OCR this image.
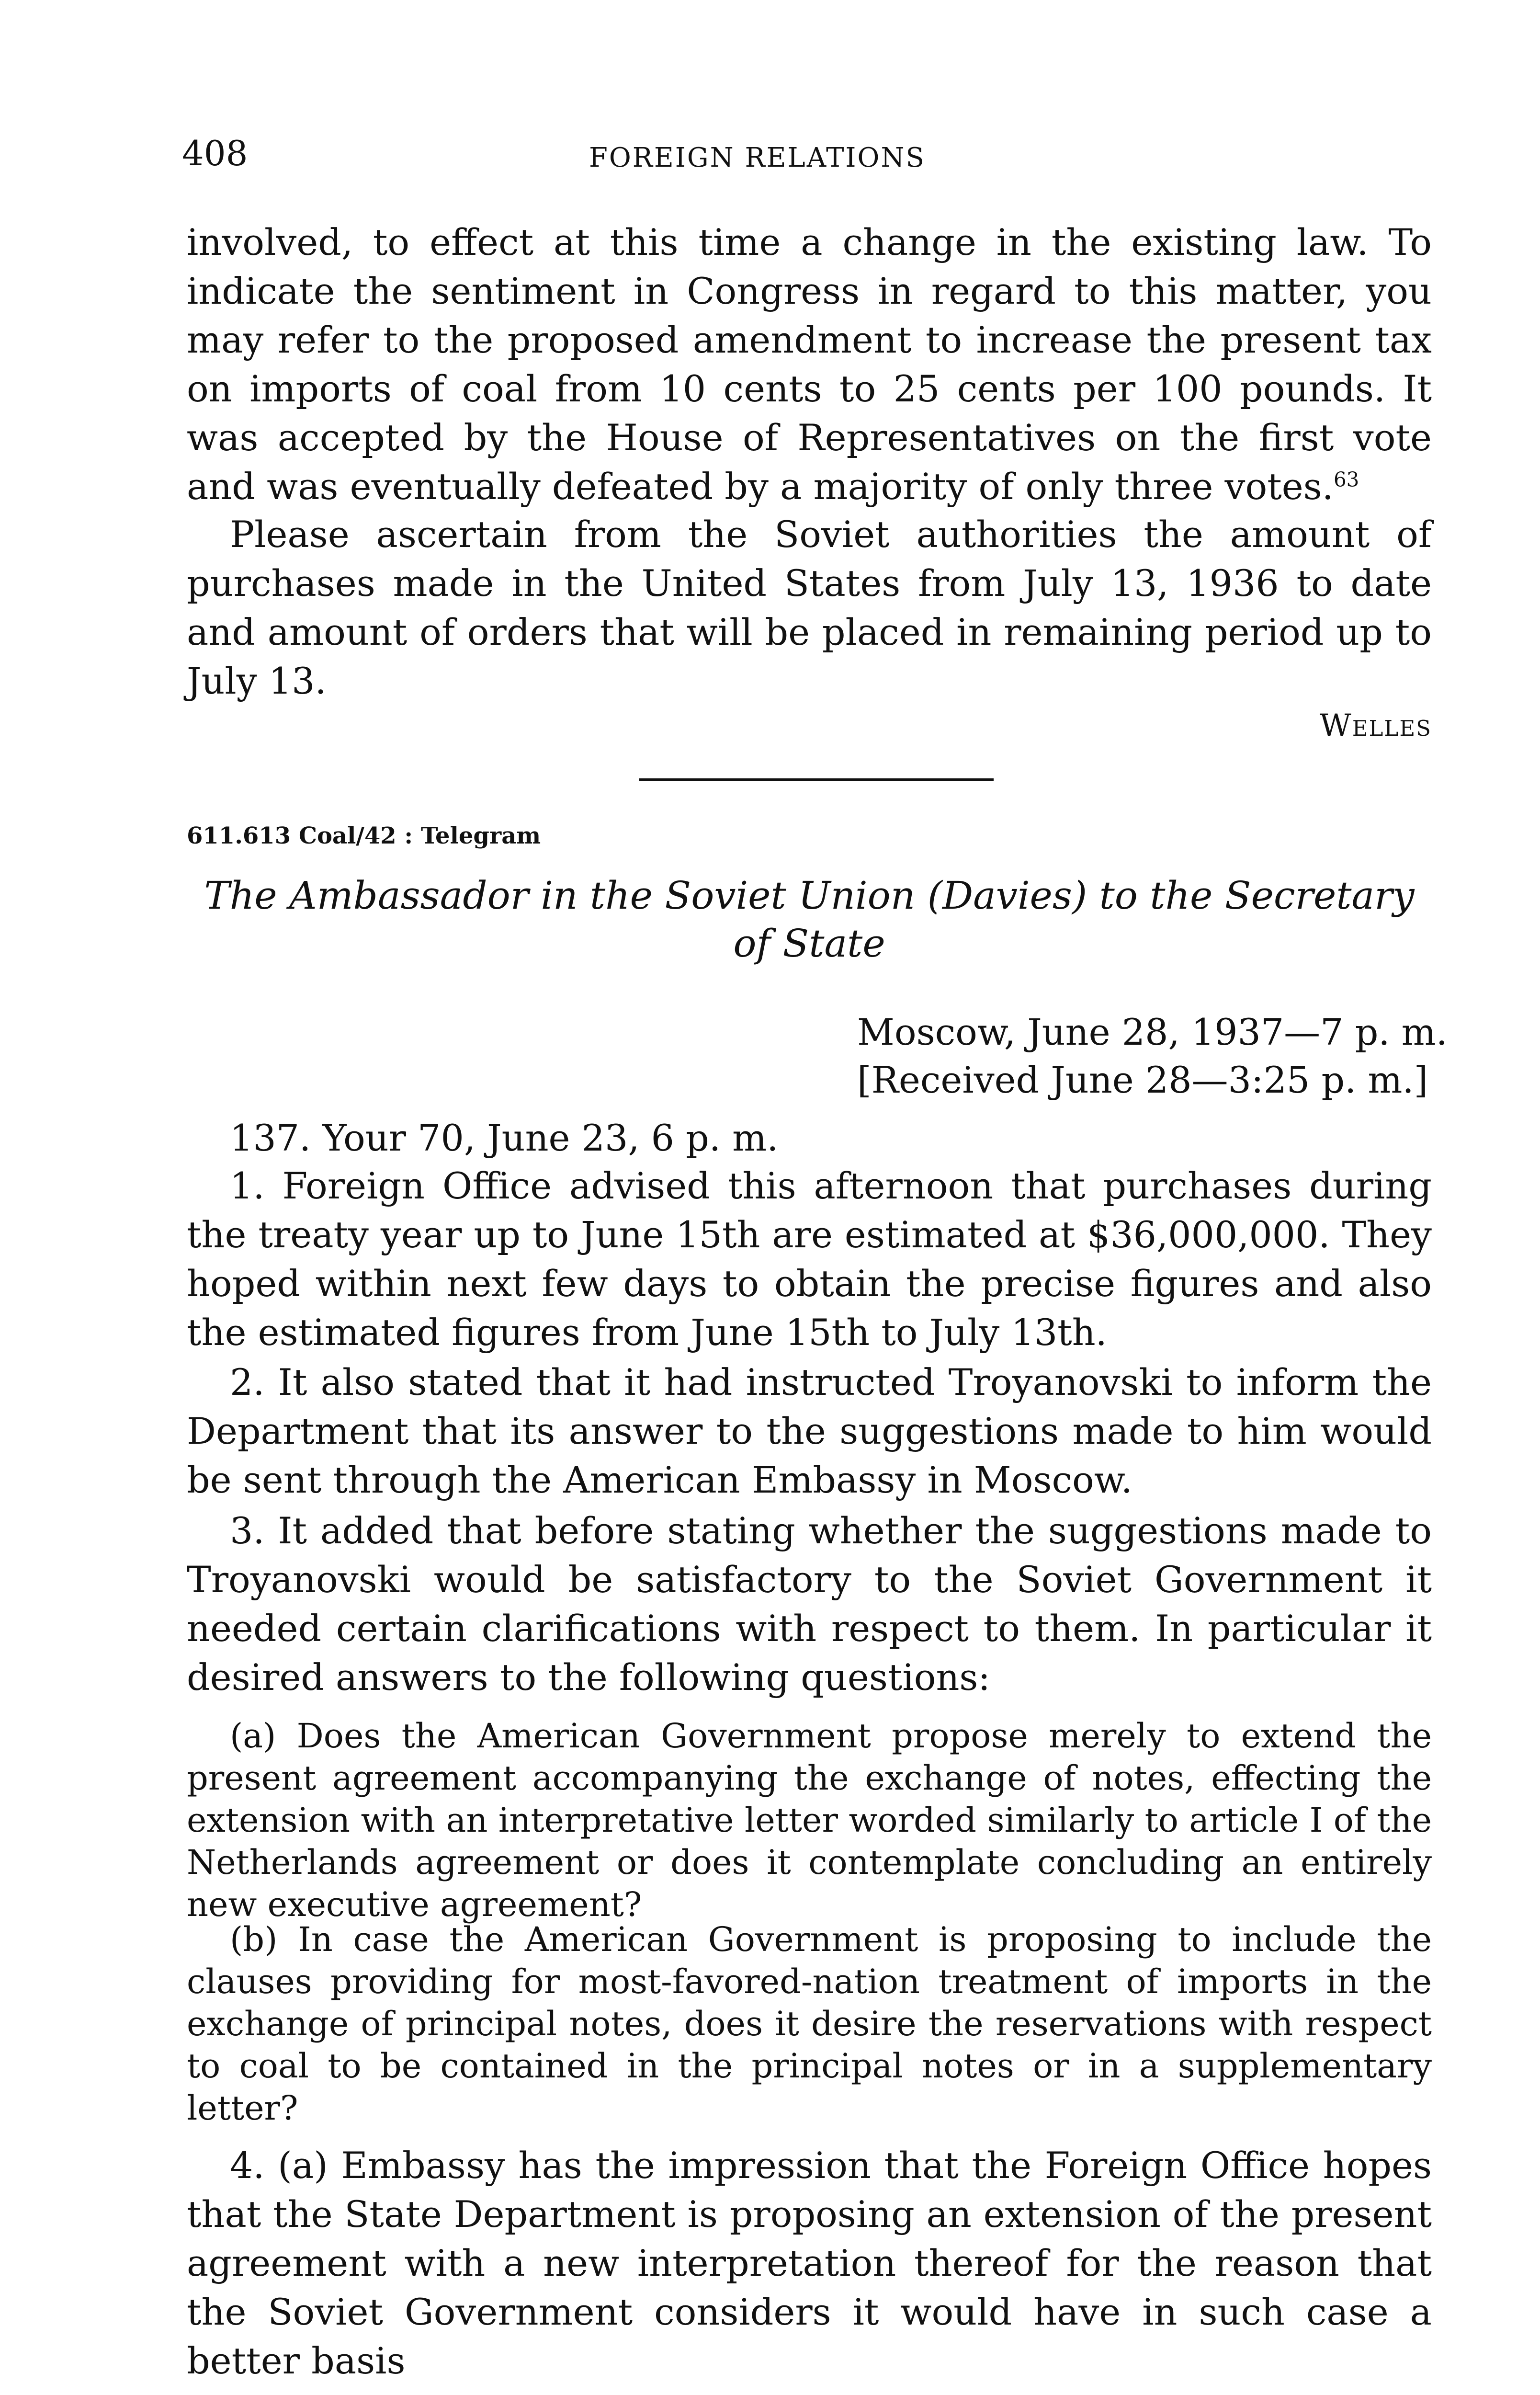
408	FOREIGN RELATIONS

involved, to effect at this time a change in the existing law. To indicate the sentiment in Congress in regard to this matter, you may refer to the proposed amendment to increase the present tax on imports of coal from 10 cents to 25 cents per 100 pounds. It was accepted by the House of Representatives on the first vote and was eventually defeated by a majority of only three votes.$^{63}$

Please ascertain from the Soviet authorities the amount of purchases made in the United States from July 13, 1936 to date and amount of orders that will be placed in remaining period up to July 13.

Welles
611.613 Coal/42 : Telegram
The Ambassador in the Soviet Union (Davies) to the Secretary of State
Moscow, June 28, 1937—7 p. m.
[Received June 28—3:25 p. m.]

137. Your 70, June 23, 6 p. m.

1. Foreign Office advised this afternoon that purchases during the treaty year up to June 15th are estimated at $36,000,000. They hoped within next few days to obtain the precise figures and also the estimated figures from June 15th to July 13th.

2. It also stated that it had instructed Troyanovski to inform the Department that its answer to the suggestions made to him would be sent through the American Embassy in Moscow.

3. It added that before stating whether the suggestions made to Troyanovski would be satisfactory to the Soviet Government it needed certain clarifications with respect to them. In particular it desired answers to the following questions:

(a) Does the American Government propose merely to extend the present agreement accompanying the exchange of notes, effecting the extension with an interpretative letter worded similarly to article I of the Netherlands agreement or does it contemplate concluding an entirely new executive agreement?

(b) In case the American Government is proposing to include the clauses providing for most-favored-nation treatment of imports in the exchange of principal notes, does it desire the reservations with respect to coal to be contained in the principal notes or in a supplementary letter?

4. (a) Embassy has the impression that the Foreign Office hopes that the State Department is proposing an extension of the present agreement with a new interpretation thereof for the reason that the Soviet Government considers it would have in such case a better basis
